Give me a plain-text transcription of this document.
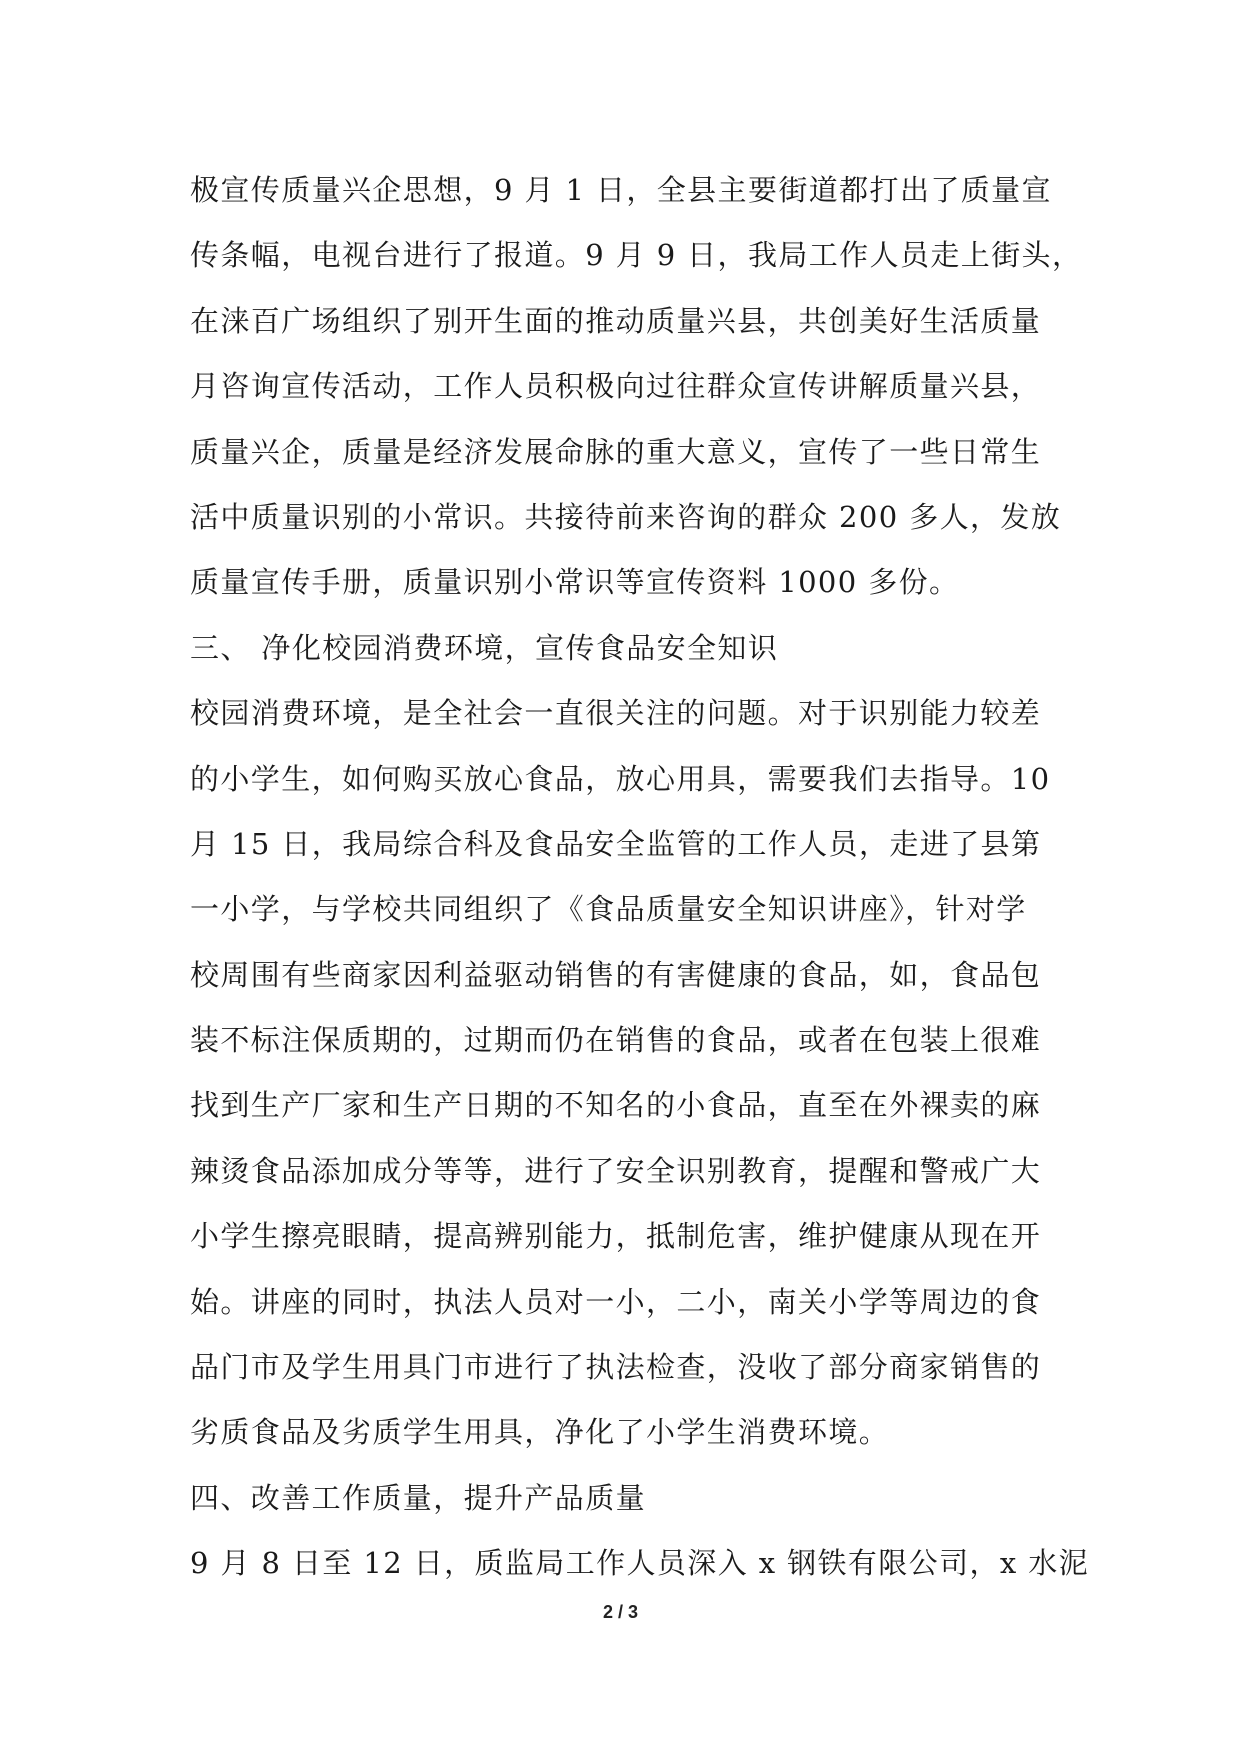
极宣传质量兴企思想，9 月 1 日，全县主要街道都打出了质量宣
传条幅，电视台进行了报道。9 月 9 日，我局工作人员走上街头，
在涞百广场组织了别开生面的推动质量兴县，共创美好生活质量
月咨询宣传活动，工作人员积极向过往群众宣传讲解质量兴县，
质量兴企，质量是经济发展命脉的重大意义，宣传了一些日常生
活中质量识别的小常识。共接待前来咨询的群众 200 多人，发放
质量宣传手册，质量识别小常识等宣传资料 1000 多份。
三、 净化校园消费环境，宣传食品安全知识
校园消费环境，是全社会一直很关注的问题。对于识别能力较差
的小学生，如何购买放心食品，放心用具，需要我们去指导。10
月 15 日，我局综合科及食品安全监管的工作人员，走进了县第
一小学，与学校共同组织了《食品质量安全知识讲座》，针对学
校周围有些商家因利益驱动销售的有害健康的食品，如，食品包
装不标注保质期的，过期而仍在销售的食品，或者在包装上很难
找到生产厂家和生产日期的不知名的小食品，直至在外裸卖的麻
辣烫食品添加成分等等，进行了安全识别教育，提醒和警戒广大
小学生擦亮眼睛，提高辨别能力，抵制危害，维护健康从现在开
始。讲座的同时，执法人员对一小，二小，南关小学等周边的食
品门市及学生用具门市进行了执法检查，没收了部分商家销售的
劣质食品及劣质学生用具，净化了小学生消费环境。
四、改善工作质量，提升产品质量
9 月 8 日至 12 日，质监局工作人员深入 x 钢铁有限公司，x 水泥
2 / 3
